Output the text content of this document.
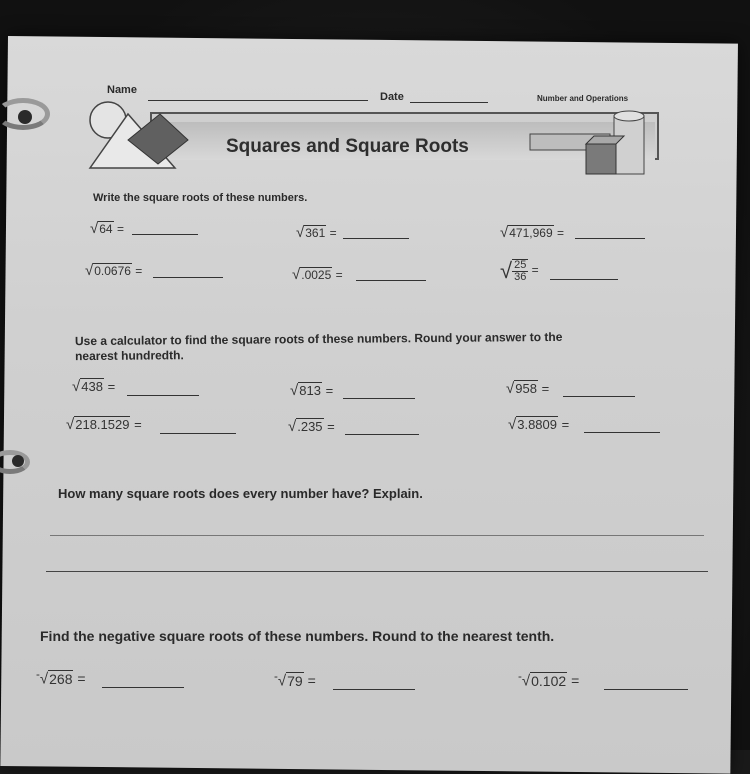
Name
Date	Number and Operations
Squares and Square Roots
Write the square roots of these numbers.
√64 =	√361 =	√471,969 =
√0.0676 =	√.0025 =	√ $\frac{25}{36}$ =
Use a calculator to find the square roots of these numbers. Round your answer to the
nearest hundredth.
√438 =	√813 =	√958 =
√218.1529 =	√.235 =	√3.8809 =
How many square roots does every number have? Explain.
Find the negative square roots of these numbers. Round to the nearest tenth.
-√268 =	-√79 =	-√0.102 =
